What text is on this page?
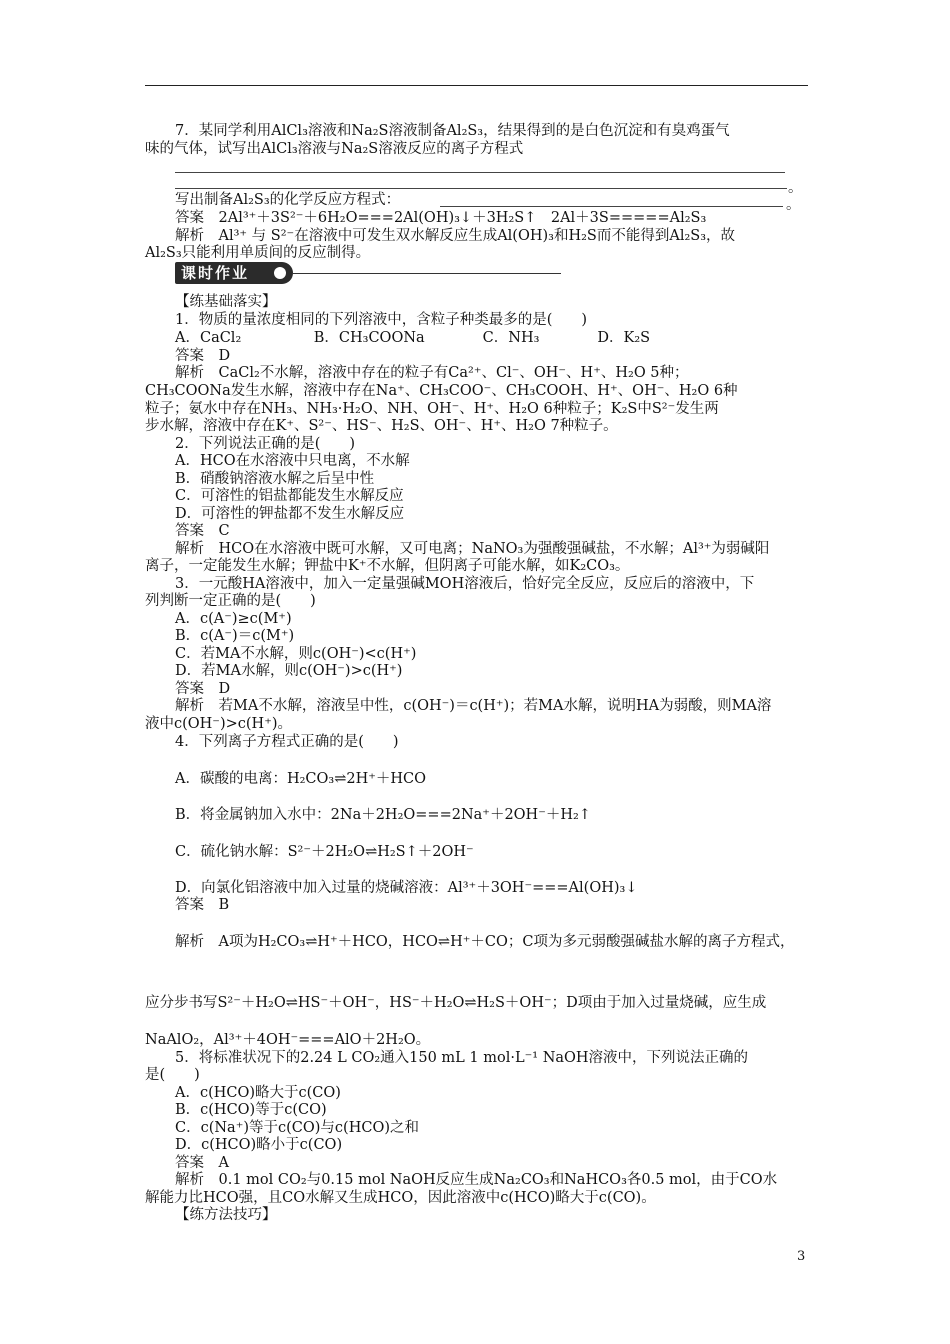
7．某同学利用AlCl₃溶液和Na₂S溶液制备Al₂S₃，结果得到的是白色沉淀和有臭鸡蛋气
味的气体，试写出AlCl₃溶液与Na₂S溶液反应的离子方程式
。
写出制备Al₂S₃的化学反应方程式：	。
答案　2Al³⁺＋3S²⁻＋6H₂O===2Al(OH)₃↓＋3H₂S↑　2Al＋3S=====Al₂S₃
解析　Al³⁺ 与 S²⁻在溶液中可发生双水解反应生成Al(OH)₃和H₂S而不能得到Al₂S₃，故
Al₂S₃只能利用单质间的反应制得。
课时作业
【练基础落实】
1．物质的量浓度相同的下列溶液中，含粒子种类最多的是(　　)
A．CaCl₂　　　　　B．CH₃COONa　　　　C．NH₃　　　　D．K₂S
答案　D
解析　CaCl₂不水解，溶液中存在的粒子有Ca²⁺、Cl⁻、OH⁻、H⁺、H₂O 5种；
CH₃COONa发生水解，溶液中存在Na⁺、CH₃COO⁻、CH₃COOH、H⁺、OH⁻、H₂O 6种
粒子；氨水中存在NH₃、NH₃·H₂O、NH、OH⁻、H⁺、H₂O 6种粒子；K₂S中S²⁻发生两
步水解，溶液中存在K⁺、S²⁻、HS⁻、H₂S、OH⁻、H⁺、H₂O 7种粒子。
2．下列说法正确的是(　　)
A．HCO在水溶液中只电离，不水解
B．硝酸钠溶液水解之后呈中性
C．可溶性的铝盐都能发生水解反应
D．可溶性的钾盐都不发生水解反应
答案　C
解析　HCO在水溶液中既可水解，又可电离；NaNO₃为强酸强碱盐，不水解；Al³⁺为弱碱阳
离子，一定能发生水解；钾盐中K⁺不水解，但阴离子可能水解，如K₂CO₃。
3．一元酸HA溶液中，加入一定量强碱MOH溶液后，恰好完全反应，反应后的溶液中，下
列判断一定正确的是(　　)
A．c(A⁻)≥c(M⁺)
B．c(A⁻)＝c(M⁺)
C．若MA不水解，则c(OH⁻)<c(H⁺)
D．若MA水解，则c(OH⁻)>c(H⁺)
答案　D
解析　若MA不水解，溶液呈中性，c(OH⁻)＝c(H⁺)；若MA水解，说明HA为弱酸，则MA溶
液中c(OH⁻)>c(H⁺)。
4．下列离子方程式正确的是(　　)
A．碳酸的电离：H₂CO₃⇌2H⁺＋HCO
B．将金属钠加入水中：2Na＋2H₂O===2Na⁺＋2OH⁻＋H₂↑
C．硫化钠水解：S²⁻＋2H₂O⇌H₂S↑＋2OH⁻
D．向氯化铝溶液中加入过量的烧碱溶液：Al³⁺＋3OH⁻===Al(OH)₃↓
答案　B
解析　A项为H₂CO₃⇌H⁺＋HCO，HCO⇌H⁺＋CO；C项为多元弱酸强碱盐水解的离子方程式，
应分步书写S²⁻＋H₂O⇌HS⁻＋OH⁻，HS⁻＋H₂O⇌H₂S＋OH⁻；D项由于加入过量烧碱，应生成
NaAlO₂，Al³⁺＋4OH⁻===AlO＋2H₂O。
5．将标准状况下的2.24 L CO₂通入150 mL 1 mol·L⁻¹ NaOH溶液中，下列说法正确的
是(　　)
A．c(HCO)略大于c(CO)
B．c(HCO)等于c(CO)
C．c(Na⁺)等于c(CO)与c(HCO)之和
D．c(HCO)略小于c(CO)
答案　A
解析　0.1 mol CO₂与0.15 mol NaOH反应生成Na₂CO₃和NaHCO₃各0.5 mol，由于CO水
解能力比HCO强，且CO水解又生成HCO，因此溶液中c(HCO)略大于c(CO)。
【练方法技巧】
3
